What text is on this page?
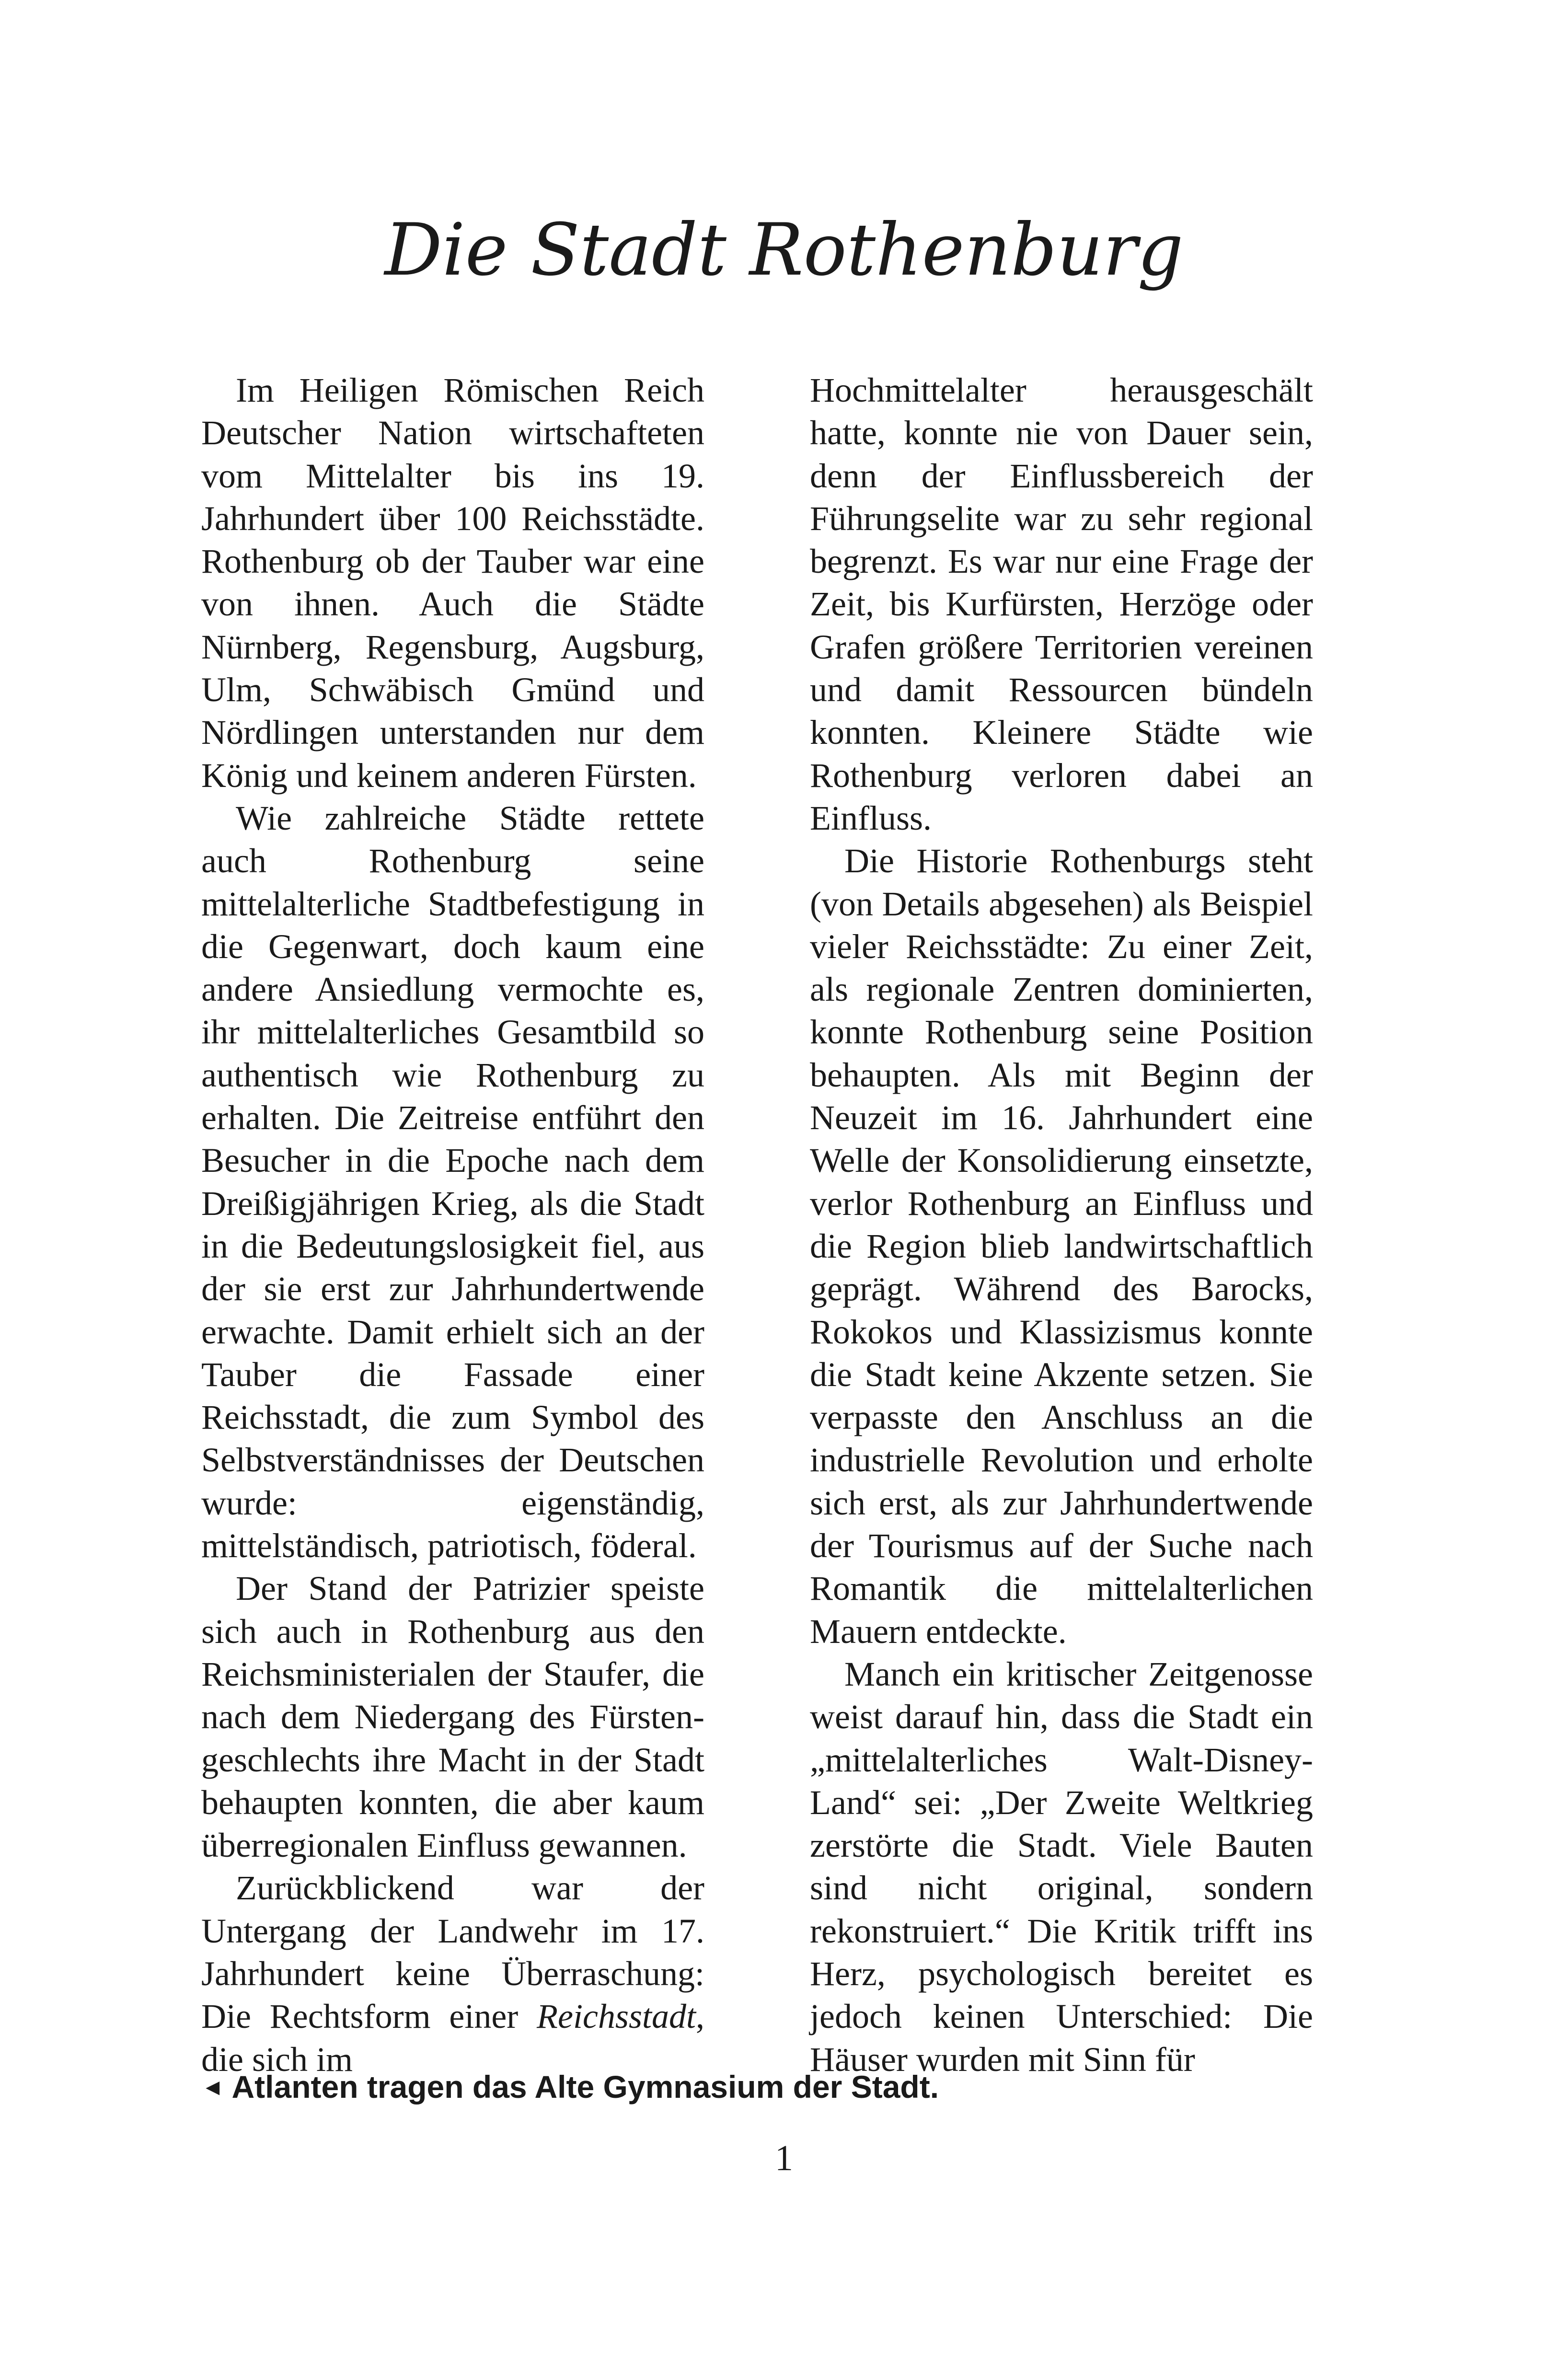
Die Stadt Rothenburg

Im Heiligen Römischen Reich Deutscher Nation wirtschafteten vom Mittelalter bis ins 19. Jahrhundert über 100 Reichsstädte. Rothenburg ob der Tauber war eine von ihnen. Auch die Städte Nürnberg, Regensburg, Augsburg, Ulm, Schwäbisch Gmünd und Nördlingen unterstanden nur dem König und keinem anderen Fürsten.

Wie zahlreiche Städte rettete auch Rothenburg seine mittelalterliche Stadtbefestigung in die Gegenwart, doch kaum eine andere Ansiedlung vermochte es, ihr mittelalterliches Gesamtbild so authentisch wie Rothenburg zu erhalten. Die Zeitreise entführt den Besucher in die Epoche nach dem Dreißigjährigen Krieg, als die Stadt in die Bedeutungslosigkeit fiel, aus der sie erst zur Jahrhundertwende erwachte. Damit erhielt sich an der Tauber die Fassade einer Reichsstadt, die zum Symbol des Selbstverständnisses der Deutschen wurde: eigenständig, mittelständisch, patriotisch, föderal.

Der Stand der Patrizier speiste sich auch in Rothenburg aus den Reichsministerialen der Staufer, die nach dem Niedergang des Fürstengeschlechts ihre Macht in der Stadt behaupten konnten, die aber kaum überregionalen Einfluss gewannen.

Zurückblickend war der Untergang der Landwehr im 17. Jahrhundert keine Überraschung: Die Rechtsform einer Reichsstadt, die sich im

Hochmittelalter herausgeschält hatte, konnte nie von Dauer sein, denn der Einflussbereich der Führungselite war zu sehr regional begrenzt. Es war nur eine Frage der Zeit, bis Kurfürsten, Herzöge oder Grafen größere Territorien vereinen und damit Ressourcen bündeln konnten. Kleinere Städte wie Rothenburg verloren dabei an Einfluss.

Die Historie Rothenburgs steht (von Details abgesehen) als Beispiel vieler Reichsstädte: Zu einer Zeit, als regionale Zentren dominierten, konnte Rothenburg seine Position behaupten. Als mit Beginn der Neuzeit im 16. Jahrhundert eine Welle der Konsolidierung einsetzte, verlor Rothenburg an Einfluss und die Region blieb landwirtschaftlich geprägt. Während des Barocks, Rokokos und Klassizismus konnte die Stadt keine Akzente setzen. Sie verpasste den Anschluss an die industrielle Revolution und erholte sich erst, als zur Jahrhundertwende der Tourismus auf der Suche nach Romantik die mittelalterlichen Mauern entdeckte.

Manch ein kritischer Zeitgenosse weist darauf hin, dass die Stadt ein „mittelalterliches Walt-Disney-Land“ sei: „Der Zweite Weltkrieg zerstörte die Stadt. Viele Bauten sind nicht original, sondern rekonstruiert.“ Die Kritik trifft ins Herz, psychologisch bereitet es jedoch keinen Unterschied: Die Häuser wurden mit Sinn für

◄ Atlanten tragen das Alte Gymnasium der Stadt.
1
